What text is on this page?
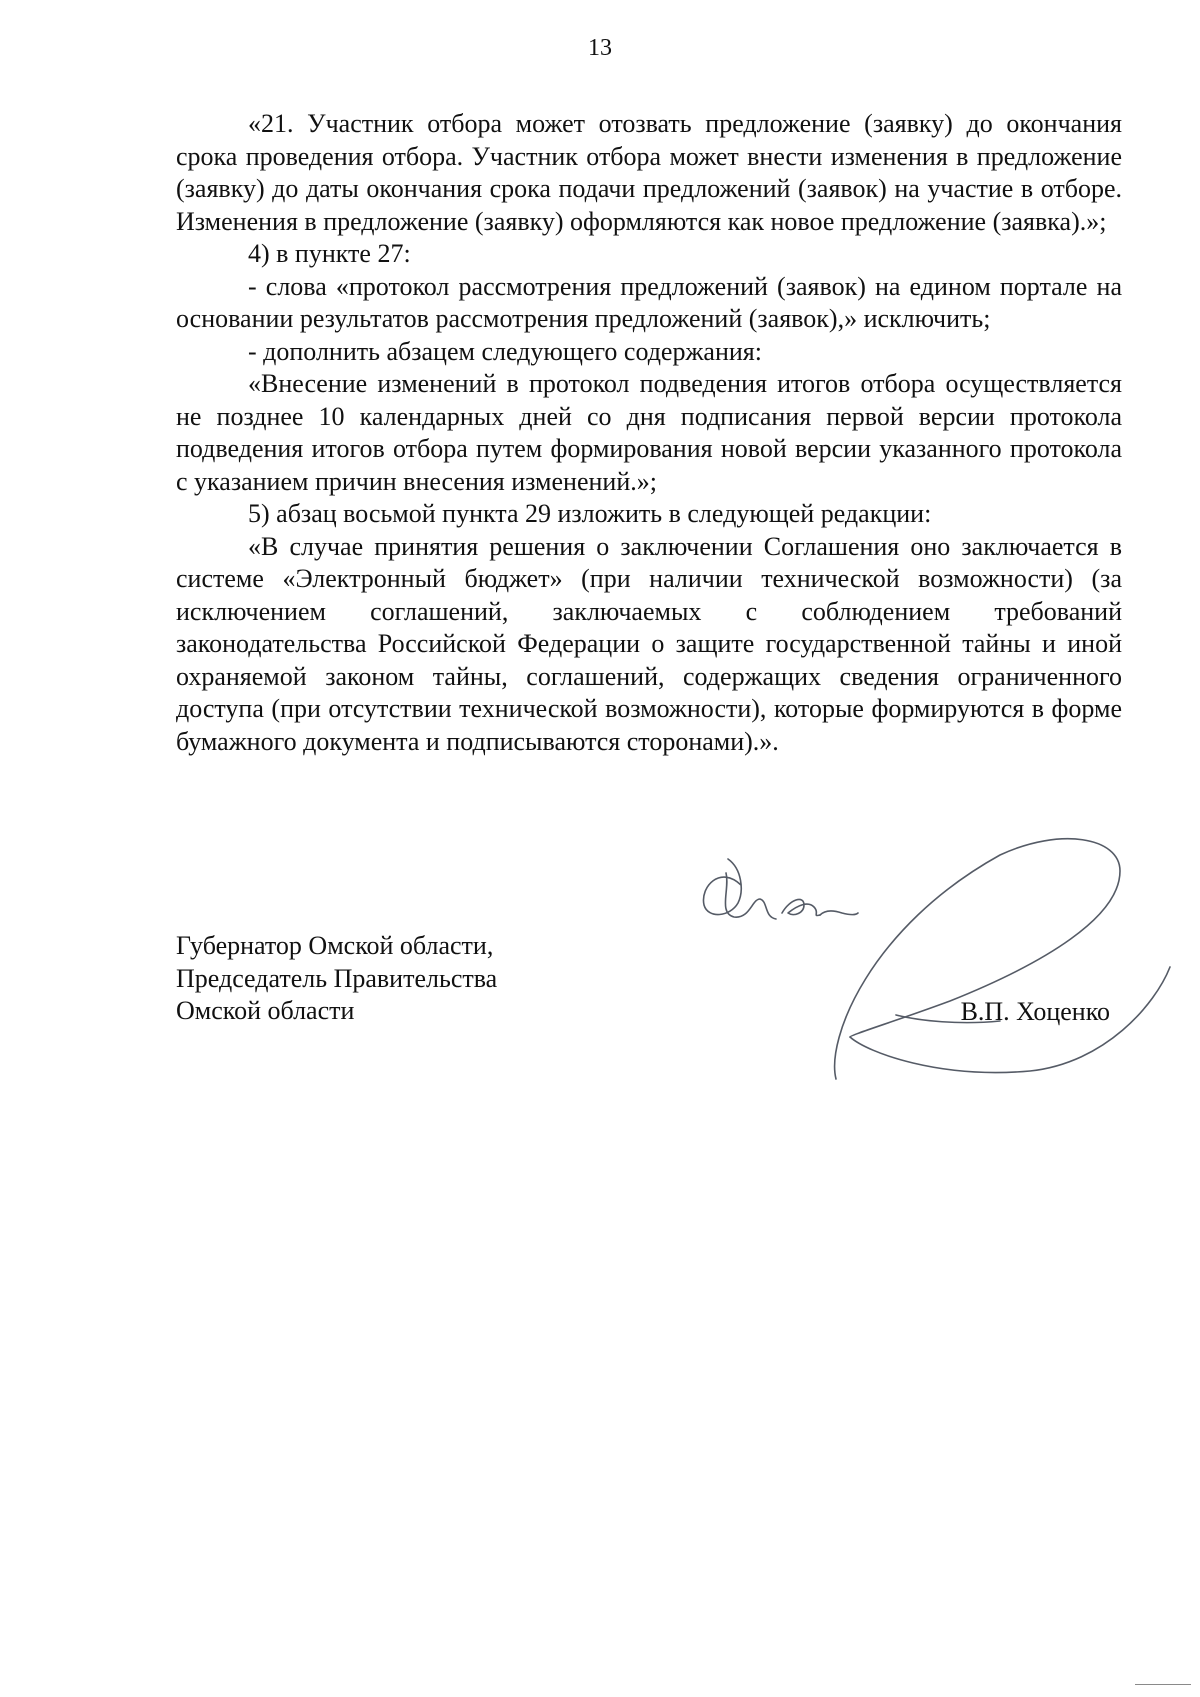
13

«21. Участник отбора может отозвать предложение (заявку) до окончания срока проведения отбора. Участник отбора может внести изменения в предложение (заявку) до даты окончания срока подачи предложений (заявок) на участие в отборе. Изменения в предложение (заявку) оформляются как новое предложение (заявка).»;

4) в пункте 27:

- слова «протокол рассмотрения предложений (заявок) на едином портале на основании результатов рассмотрения предложений (заявок),» исключить;

- дополнить абзацем следующего содержания:

«Внесение изменений в протокол подведения итогов отбора осуществляется не позднее 10 календарных дней со дня подписания первой версии протокола подведения итогов отбора путем формирования новой версии указанного протокола с указанием причин внесения изменений.»;

5) абзац восьмой пункта 29 изложить в следующей редакции:

«В случае принятия решения о заключении Соглашения оно заключается в системе «Электронный бюджет» (при наличии технической возможности) (за исключением соглашений, заключаемых с соблюдением требований законодательства Российской Федерации о защите государственной тайны и иной охраняемой законом тайны, соглашений, содержащих сведения ограниченного доступа (при отсутствии технической возможности), которые формируются в форме бумажного документа и подписываются сторонами).».

Губернатор Омской области,
Председатель Правительства
Омской области	В.П. Хоценко
